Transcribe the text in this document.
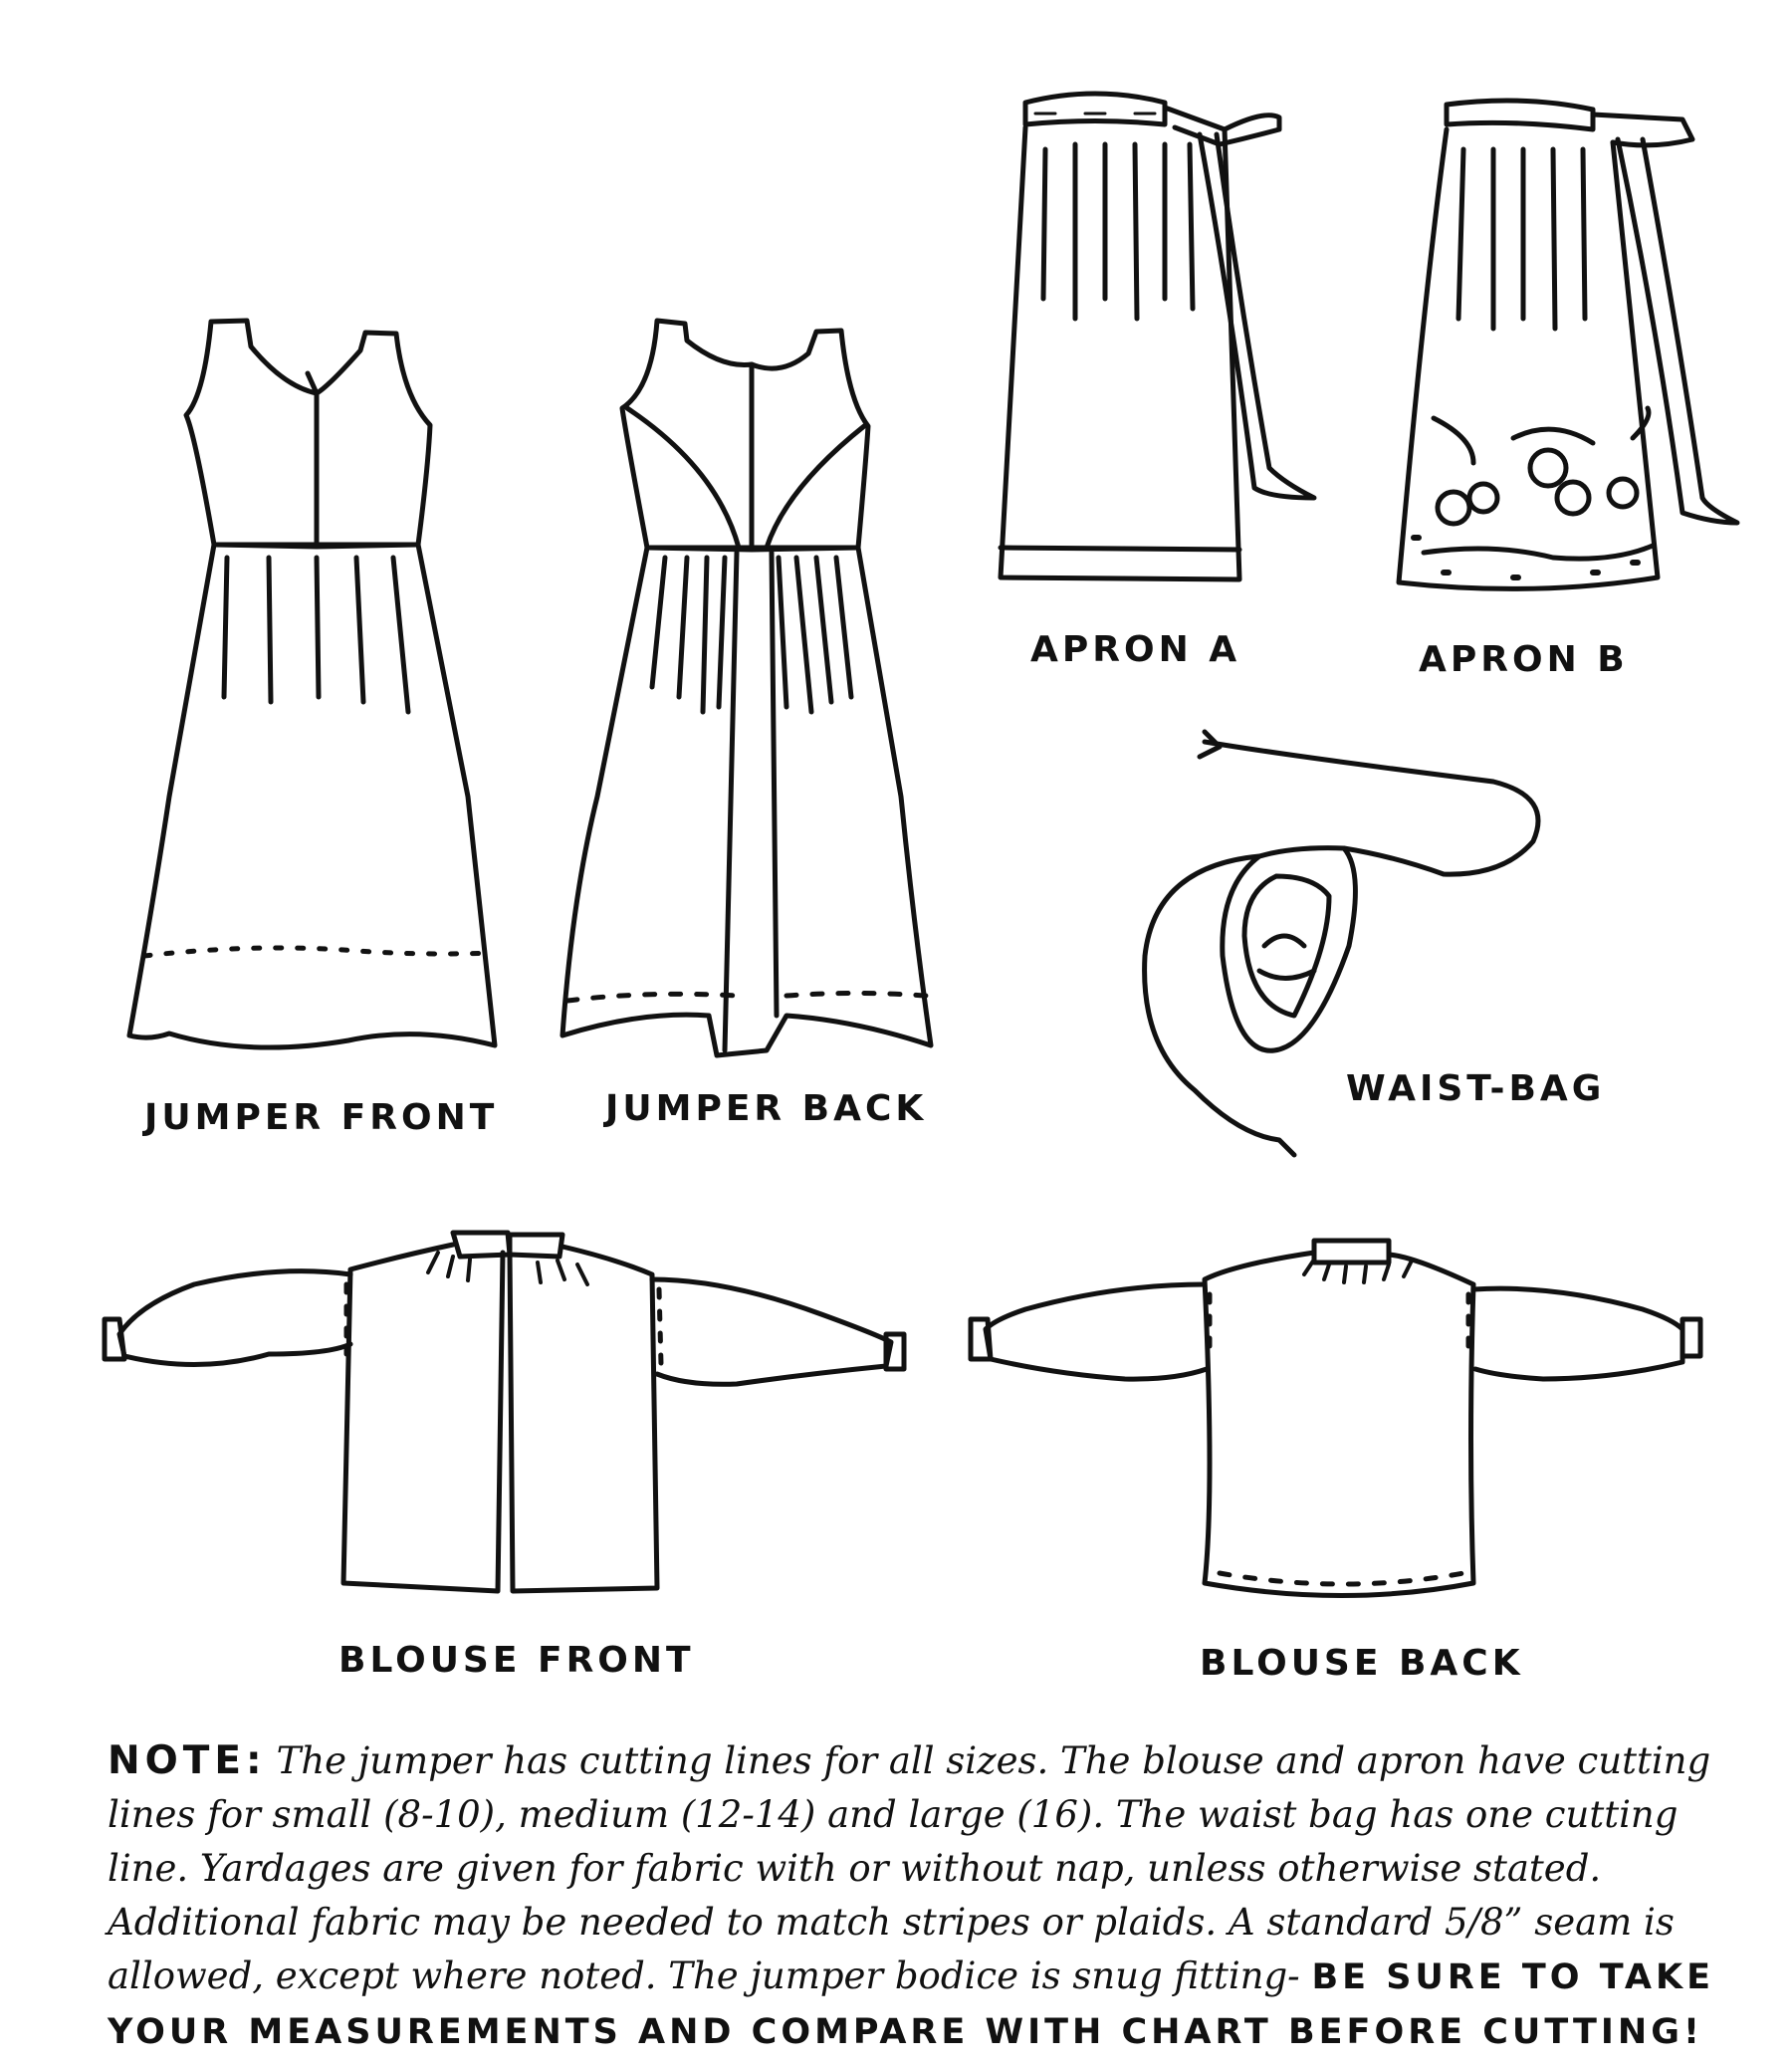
JUMPER FRONT	JUMPER BACK
APRON A	APRON B
WAIST-BAG
BLOUSE FRONT	BLOUSE BACK
NOTE: The jumper has cutting lines for all sizes. The blouse and apron have cutting lines for small (8-10), medium (12-14) and large (16). The waist bag has one cutting line. Yardages are given for fabric with or without nap, unless otherwise stated. Additional fabric may be needed to match stripes or plaids. A standard 5/8” seam is allowed, except where noted. The jumper bodice is snug fitting- BE SURE TO TAKE YOUR MEASUREMENTS AND COMPARE WITH CHART BEFORE CUTTING!
